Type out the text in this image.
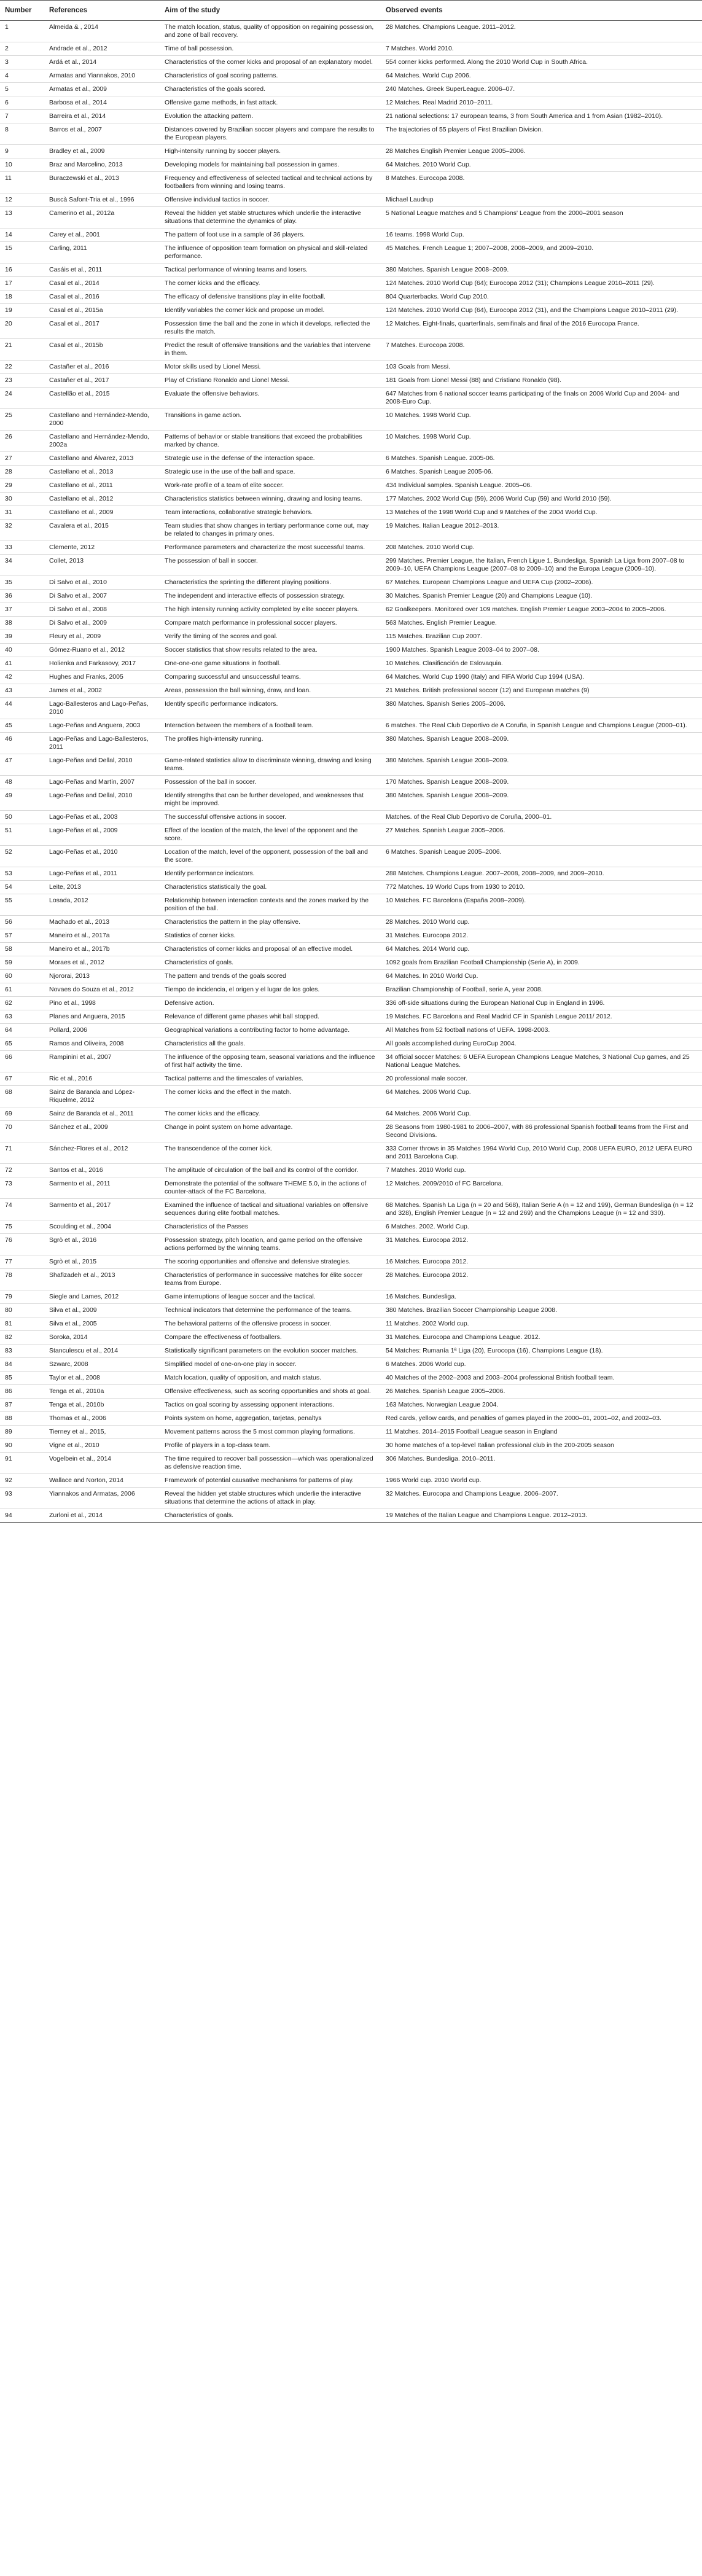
Number	References	Aim of the study	Observed events
1	Almeida & , 2014	The match location, status, quality of opposition on regaining possession, and zone of ball recovery.	28 Matches. Champions League. 2011–2012.
2	Andrade et al., 2012	Time of ball possession.	7 Matches. World 2010.
3	Ardá et al., 2014	Characteristics of the corner kicks and proposal of an explanatory model.	554 corner kicks performed. Along the 2010 World Cup in South Africa.
4	Armatas and Yiannakos, 2010	Characteristics of goal scoring patterns.	64 Matches. World Cup 2006.
5	Armatas et al., 2009	Characteristics of the goals scored.	240 Matches. Greek SuperLeague. 2006–07.
6	Barbosa et al., 2014	Offensive game methods, in fast attack.	12 Matches. Real Madrid 2010–2011.
7	Barreira et al., 2014	Evolution the attacking pattern.	21 national selections: 17 european teams, 3 from South America and 1 from Asian (1982–2010).
8	Barros et al., 2007	Distances covered by Brazilian soccer players and compare the results to the European players.	The trajectories of 55 players of First Brazilian Division.
9	Bradley et al., 2009	High-intensity running by soccer players.	28 Matches English Premier League 2005–2006.
10	Braz and Marcelino, 2013	Developing models for maintaining ball possession in games.	64 Matches. 2010 World Cup.
11	Buraczewski et al., 2013	Frequency and effectiveness of selected tactical and technical actions by footballers from winning and losing teams.	8 Matches. Eurocopa 2008.
12	Buscà Safont-Tria et al., 1996	Offensive individual tactics in soccer.	Michael Laudrup
13	Camerino et al., 2012a	Reveal the hidden yet stable structures which underlie the interactive situations that determine the dynamics of play.	5 National League matches and 5 Champions' League from the 2000–2001 season
14	Carey et al., 2001	The pattern of foot use in a sample of 36 players.	16 teams. 1998 World Cup.
15	Carling, 2011	The influence of opposition team formation on physical and skill-related performance.	45 Matches. French League 1; 2007–2008, 2008–2009, and 2009–2010.
16	Casáis et al., 2011	Tactical performance of winning teams and losers.	380 Matches. Spanish League 2008–2009.
17	Casal et al., 2014	The corner kicks and the efficacy.	124 Matches. 2010 World Cup (64); Eurocopa 2012 (31); Champions League 2010–2011 (29).
18	Casal et al., 2016	The efficacy of defensive transitions play in elite football.	804 Quarterbacks. World Cup 2010.
19	Casal et al., 2015a	Identify variables the corner kick and propose un model.	124 Matches. 2010 World Cup (64), Eurocopa 2012 (31), and the Champions League 2010–2011 (29).
20	Casal et al., 2017	Possession time the ball and the zone in which it develops, reflected the results the match.	12 Matches. Eight-finals, quarterfinals, semifinals and final of the 2016 Eurocopa France.
21	Casal et al., 2015b	Predict the result of offensive transitions and the variables that intervene in them.	7 Matches. Eurocopa 2008.
22	Castañer et al., 2016	Motor skills used by Lionel Messi.	103 Goals from Messi.
23	Castañer et al., 2017	Play of Cristiano Ronaldo and Lionel Messi.	181 Goals from Lionel Messi (88) and Cristiano Ronaldo (98).
24	Castellão et al., 2015	Evaluate the offensive behaviors.	647 Matches from 6 national soccer teams participating of the finals on 2006 World Cup and 2004- and 2008-Euro Cup.
25	Castellano and Hernández-Mendo, 2000	Transitions in game action.	10 Matches. 1998 World Cup.
26	Castellano and Hernández-Mendo, 2002a	Patterns of behavior or stable transitions that exceed the probabilities marked by chance.	10 Matches. 1998 World Cup.
27	Castellano and Álvarez, 2013	Strategic use in the defense of the interaction space.	6 Matches. Spanish League. 2005-06.
28	Castellano et al., 2013	Strategic use in the use of the ball and space.	6 Matches. Spanish League 2005-06.
29	Castellano et al., 2011	Work-rate profile of a team of elite soccer.	434 Individual samples. Spanish League. 2005–06.
30	Castellano et al., 2012	Characteristics statistics between winning, drawing and losing teams.	177 Matches. 2002 World Cup (59), 2006 World Cup (59) and World 2010 (59).
31	Castellano et al., 2009	Team interactions, collaborative strategic behaviors.	13 Matches of the 1998 World Cup and 9 Matches of the 2004 World Cup.
32	Cavalera et al., 2015	Team studies that show changes in tertiary performance come out, may be related to changes in primary ones.	19 Matches. Italian League 2012–2013.
33	Clemente, 2012	Performance parameters and characterize the most successful teams.	208 Matches. 2010 World Cup.
34	Collet, 2013	The possession of ball in soccer.	299 Matches. Premier League, the Italian, French Ligue 1, Bundesliga, Spanish La Liga from 2007–08 to 2009–10, UEFA Champions League (2007–08 to 2009–10) and the Europa League (2009–10).
35	Di Salvo et al., 2010	Characteristics the sprinting the different playing positions.	67 Matches. European Champions League and UEFA Cup (2002–2006).
36	Di Salvo et al., 2007	The independent and interactive effects of possession strategy.	30 Matches. Spanish Premier League (20) and Champions League (10).
37	Di Salvo et al., 2008	The high intensity running activity completed by elite soccer players.	62 Goalkeepers. Monitored over 109 matches. English Premier League 2003–2004 to 2005–2006.
38	Di Salvo et al., 2009	Compare match performance in professional soccer players.	563 Matches. English Premier League.
39	Fleury et al., 2009	Verify the timing of the scores and goal.	115 Matches. Brazilian Cup 2007.
40	Gómez-Ruano et al., 2012	Soccer statistics that show results related to the area.	1900 Matches. Spanish League 2003–04 to 2007–08.
41	Holienka and Farkasovy, 2017	One-one-one game situations in football.	10 Matches. Clasificación de Eslovaquia.
42	Hughes and Franks, 2005	Comparing successful and unsuccessful teams.	64 Matches. World Cup 1990 (Italy) and FIFA World Cup 1994 (USA).
43	James et al., 2002	Areas, possession the ball winning, draw, and loan.	21 Matches. British professional soccer (12) and European matches (9)
44	Lago-Ballesteros and Lago-Peñas, 2010	Identify specific performance indicators.	380 Matches. Spanish Series 2005–2006.
45	Lago-Peñas and Anguera, 2003	Interaction between the members of a football team.	6 matches. The Real Club Deportivo de A Coruña, in Spanish League and Champions League (2000–01).
46	Lago-Peñas and Lago-Ballesteros, 2011	The profiles high-intensity running.	380 Matches. Spanish League 2008–2009.
47	Lago-Peñas and Dellal, 2010	Game-related statistics allow to discriminate winning, drawing and losing teams.	380 Matches. Spanish League 2008–2009.
48	Lago-Peñas and Martín, 2007	Possession of the ball in soccer.	170 Matches. Spanish League 2008–2009.
49	Lago-Peñas and Dellal, 2010	Identify strengths that can be further developed, and weaknesses that might be improved.	380 Matches. Spanish League 2008–2009.
50	Lago-Peñas et al., 2003	The successful offensive actions in soccer.	Matches. of the Real Club Deportivo de Coruña, 2000–01.
51	Lago-Peñas et al., 2009	Effect of the location of the match, the level of the opponent and the score.	27 Matches. Spanish League 2005–2006.
52	Lago-Peñas et al., 2010	Location of the match, level of the opponent, possession of the ball and the score.	6 Matches. Spanish League 2005–2006.
53	Lago-Peñas et al., 2011	Identify performance indicators.	288 Matches. Champions League. 2007–2008, 2008–2009, and 2009–2010.
54	Leite, 2013	Characteristics statistically the goal.	772 Matches. 19 World Cups from 1930 to 2010.
55	Losada, 2012	Relationship between interaction contexts and the zones marked by the position of the ball.	10 Matches. FC Barcelona (España 2008–2009).
56	Machado et al., 2013	Characteristics the pattern in the play offensive.	28 Matches. 2010 World cup.
57	Maneiro et al., 2017a	Statistics of corner kicks.	31 Matches. Eurocopa 2012.
58	Maneiro et al., 2017b	Characteristics of corner kicks and proposal of an effective model.	64 Matches. 2014 World cup.
59	Moraes et al., 2012	Characteristics of goals.	1092 goals from Brazilian Football Championship (Serie A), in 2009.
60	Njororai, 2013	The pattern and trends of the goals scored	64 Matches. In 2010 World Cup.
61	Novaes do Souza et al., 2012	Tiempo de incidencia, el origen y el lugar de los goles.	Brazilian Championship of Football, serie A, year 2008.
62	Pino et al., 1998	Defensive action.	336 off-side situations during the European National Cup in England in 1996.
63	Planes and Anguera, 2015	Relevance of different game phases whit ball stopped.	19 Matches. FC Barcelona and Real Madrid CF in Spanish League 2011/ 2012.
64	Pollard, 2006	Geographical variations a contributing factor to home advantage.	All Matches from 52 football nations of UEFA. 1998-2003.
65	Ramos and Oliveira, 2008	Characteristics all the goals.	All goals accomplished during EuroCup 2004.
66	Rampinini et al., 2007	The influence of the opposing team, seasonal variations and the influence of first half activity the time.	34 official soccer Matches: 6 UEFA European Champions League Matches, 3 National Cup games, and 25 National League Matches.
67	Ric et al., 2016	Tactical patterns and the timescales of variables.	20 professional male soccer.
68	Sainz de Baranda and López-Riquelme, 2012	The corner kicks and the effect in the match.	64 Matches. 2006 World Cup.
69	Sainz de Baranda et al., 2011	The corner kicks and the efficacy.	64 Matches. 2006 World Cup.
70	Sánchez et al., 2009	Change in point system on home advantage.	28 Seasons from 1980-1981 to 2006–2007, with 86 professional Spanish football teams from the First and Second Divisions.
71	Sánchez-Flores et al., 2012	The transcendence of the corner kick.	333 Corner throws in 35 Matches 1994 World Cup, 2010 World Cup, 2008 UEFA EURO, 2012 UEFA EURO and 2011 Barcelona Cup.
72	Santos et al., 2016	The amplitude of circulation of the ball and its control of the corridor.	7 Matches. 2010 World cup.
73	Sarmento et al., 2011	Demonstrate the potential of the software THEME 5.0, in the actions of counter-attack of the FC Barcelona.	12 Matches. 2009/2010 of FC Barcelona.
74	Sarmento et al., 2017	Examined the influence of tactical and situational variables on offensive sequences during elite football matches.	68 Matches. Spanish La Liga (n = 20 and 568), Italian Serie A (n = 12 and 199), German Bundesliga (n = 12 and 328), English Premier League (n = 12 and 269) and the Champions League (n = 12 and 330).
75	Scoulding et al., 2004	Characteristics of the Passes	6 Matches. 2002. World Cup.
76	Sgrò et al., 2016	Possession strategy, pitch location, and game period on the offensive actions performed by the winning teams.	31 Matches. Eurocopa 2012.
77	Sgrò et al., 2015	The scoring opportunities and offensive and defensive strategies.	16 Matches. Eurocopa 2012.
78	Shafizadeh et al., 2013	Characteristics of performance in successive matches for élite soccer teams from Europe.	28 Matches. Eurocopa 2012.
79	Siegle and Lames, 2012	Game interruptions of league soccer and the tactical.	16 Matches. Bundesliga.
80	Silva et al., 2009	Technical indicators that determine the performance of the teams.	380 Matches. Brazilian Soccer Championship League 2008.
81	Silva et al., 2005	The behavioral patterns of the offensive process in soccer.	11 Matches. 2002 World cup.
82	Soroka, 2014	Compare the effectiveness of footballers.	31 Matches. Eurocopa and Champions League. 2012.
83	Stanculescu et al., 2014	Statistically significant parameters on the evolution soccer matches.	54 Matches: Rumanía 1ª Liga (20), Eurocopa (16), Champions League (18).
84	Szwarc, 2008	Simplified model of one-on-one play in soccer.	6 Matches. 2006 World cup.
85	Taylor et al., 2008	Match location, quality of opposition, and match status.	40 Matches of the 2002–2003 and 2003–2004 professional British football team.
86	Tenga et al., 2010a	Offensive effectiveness, such as scoring opportunities and shots at goal.	26 Matches. Spanish League 2005–2006.
87	Tenga et al., 2010b	Tactics on goal scoring by assessing opponent interactions.	163 Matches. Norwegian League 2004.
88	Thomas et al., 2006	Points system on home, aggregation, tarjetas, penaltys	Red cards, yellow cards, and penalties of games played in the 2000–01, 2001–02, and 2002–03.
89	Tierney et al., 2015,	Movement patterns across the 5 most common playing formations.	11 Matches. 2014–2015 Football League season in England
90	Vigne et al., 2010	Profile of players in a top-class team.	30 home matches of a top-level Italian professional club in the 200-2005 season
91	Vogelbein et al., 2014	The time required to recover ball possession—which was operationalized as defensive reaction time.	306 Matches. Bundesliga. 2010–2011.
92	Wallace and Norton, 2014	Framework of potential causative mechanisms for patterns of play.	1966 World cup. 2010 World cup.
93	Yiannakos and Armatas, 2006	Reveal the hidden yet stable structures which underlie the interactive situations that determine the actions of attack in play.	32 Matches. Eurocopa and Champions League. 2006–2007.
94	Zurloni et al., 2014	Characteristics of goals.	19 Matches of the Italian League and Champions League. 2012–2013.
